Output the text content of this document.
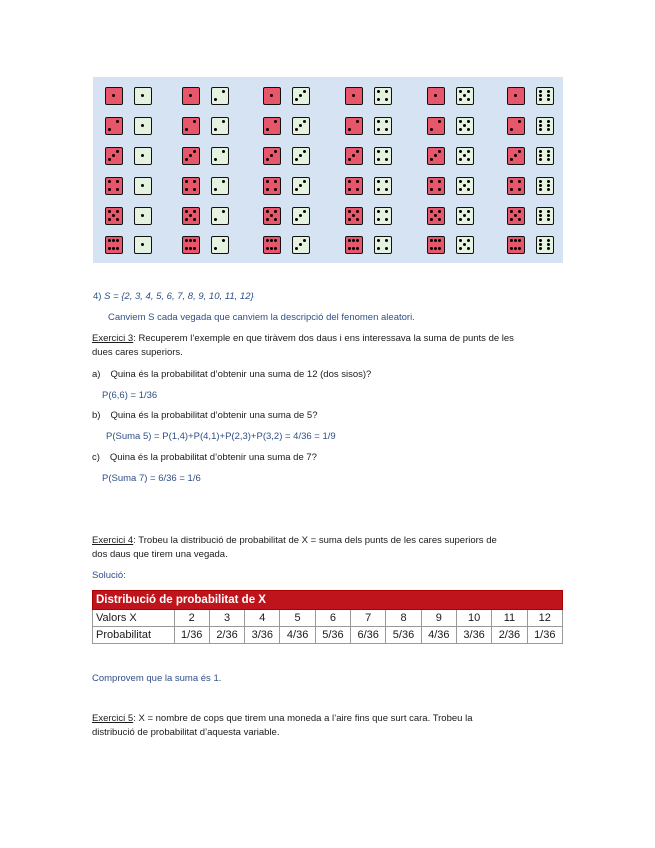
4) S = {2, 3, 4, 5, 6, 7, 8, 9, 10, 11, 12}
Canviem S cada vegada que canviem la descripció del fenomen aleatori.
Exercici 3: Recuperem l’exemple en que tiràvem dos daus i ens interessava la suma de punts de les
dues cares superiors.
a) Quina és la probabilitat d’obtenir una suma de 12 (dos sisos)?
P(6,6) = 1/36
b) Quina és la probabilitat d’obtenir una suma de 5?
P(Suma 5) = P(1,4)+P(4,1)+P(2,3)+P(3,2) = 4/36 = 1/9
c) Quina és la probabilitat d’obtenir una suma de 7?
P(Suma 7) = 6/36 = 1/6
Exercici 4: Trobeu la distribució de probabilitat de X = suma dels punts de les cares superiors de
dos daus que tirem una vegada.
Solució:
Distribució de probabilitat de X											
Valors X	2	3	4	5	6	7	8	9	10	11	12
Probabilitat	1/36	2/36	3/36	4/36	5/36	6/36	5/36	4/36	3/36	2/36	1/36
Comprovem que la suma és 1.
Exercici 5: X = nombre de cops que tirem una moneda a l’aire fins que surt cara. Trobeu la
distribució de probabilitat d’aquesta variable.
